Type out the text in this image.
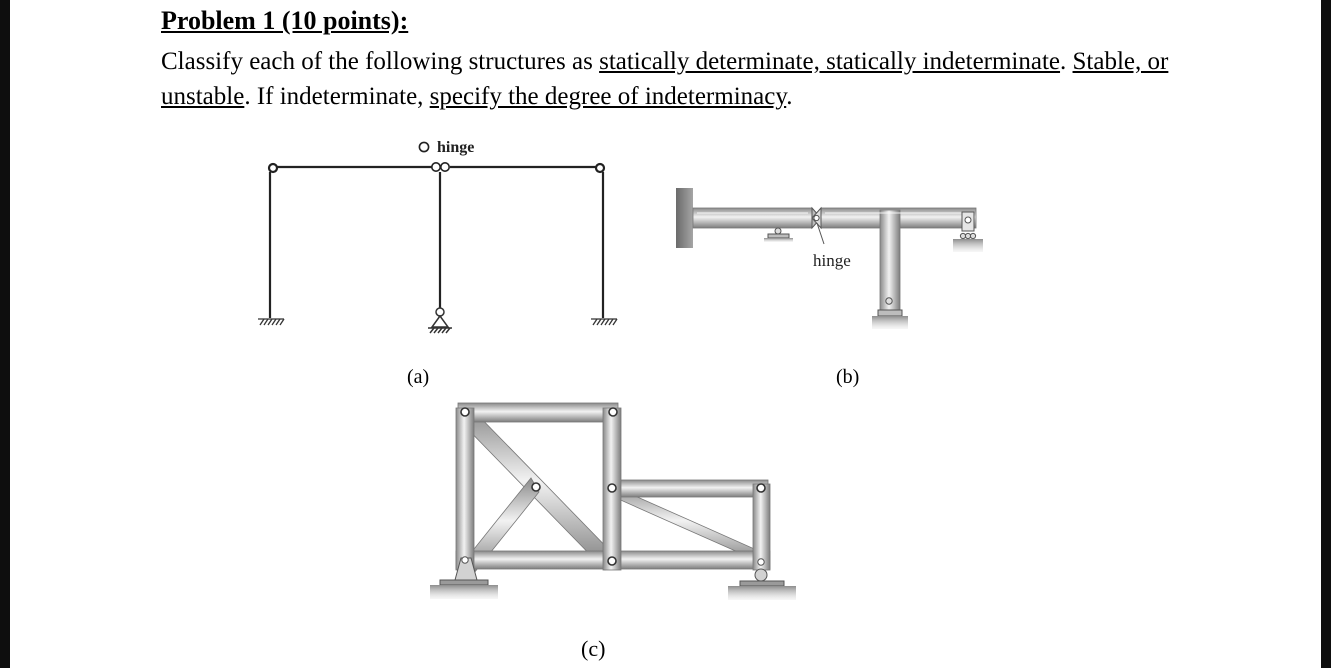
Problem 1 (10 points):
Classify each of the following structures as statically determinate, statically indeterminate. Stable, or unstable. If indeterminate, specify the degree of indeterminacy.
hinge
hinge
(a)	(b)
(c)
